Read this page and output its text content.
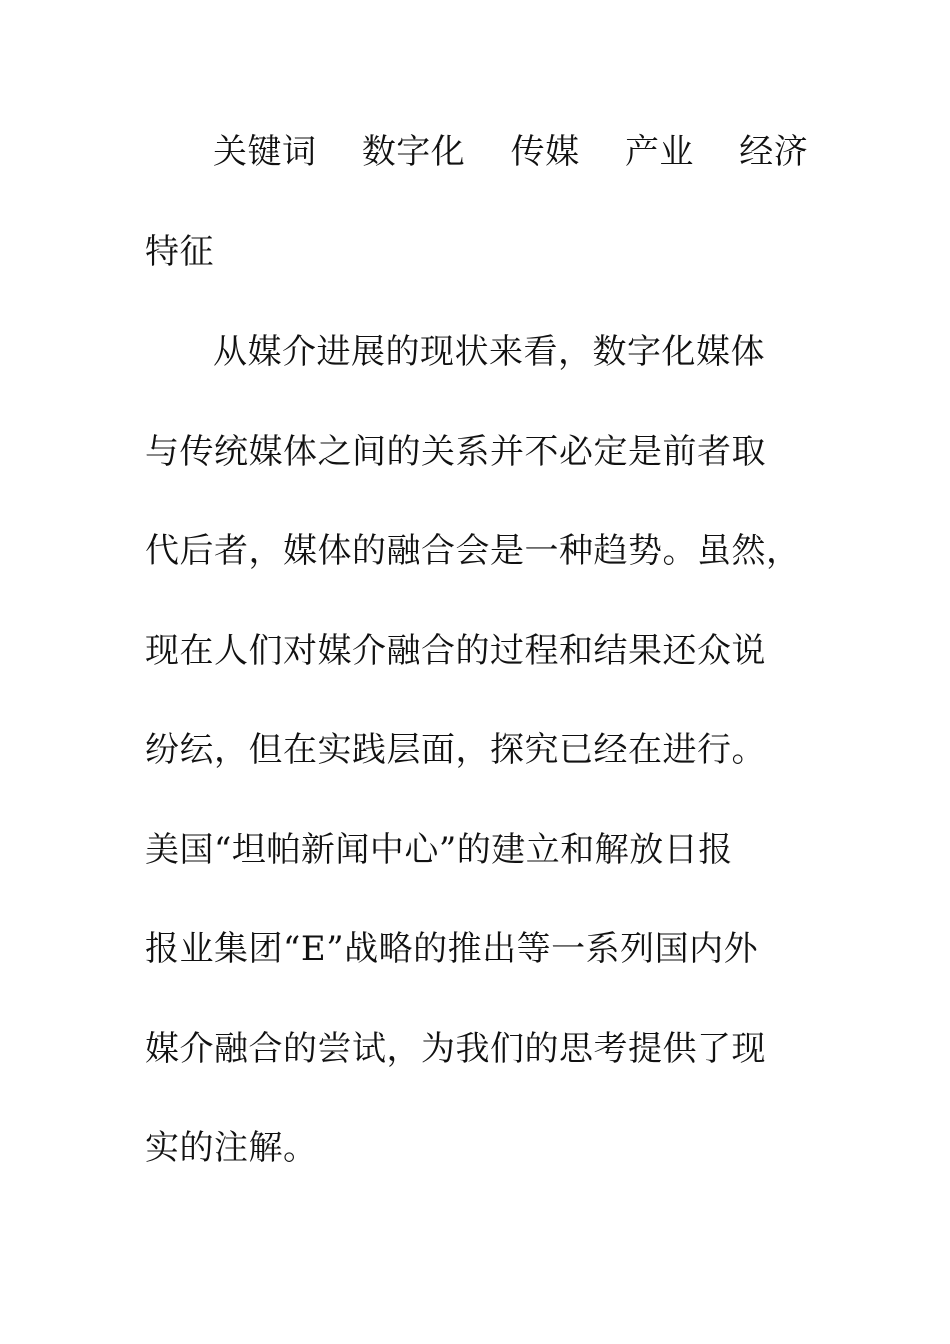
关键词 数字化 传媒 产业 经济
特征
从媒介进展的现状来看，数字化媒体
与传统媒体之间的关系并不必定是前者取
代后者，媒体的融合会是一种趋势。虽然，
现在人们对媒介融合的过程和结果还众说
纷纭，但在实践层面，探究已经在进行。
美国“坦帕新闻中心”的建立和解放日报
报业集团“E”战略的推出等一系列国内外
媒介融合的尝试，为我们的思考提供了现
实的注解。
